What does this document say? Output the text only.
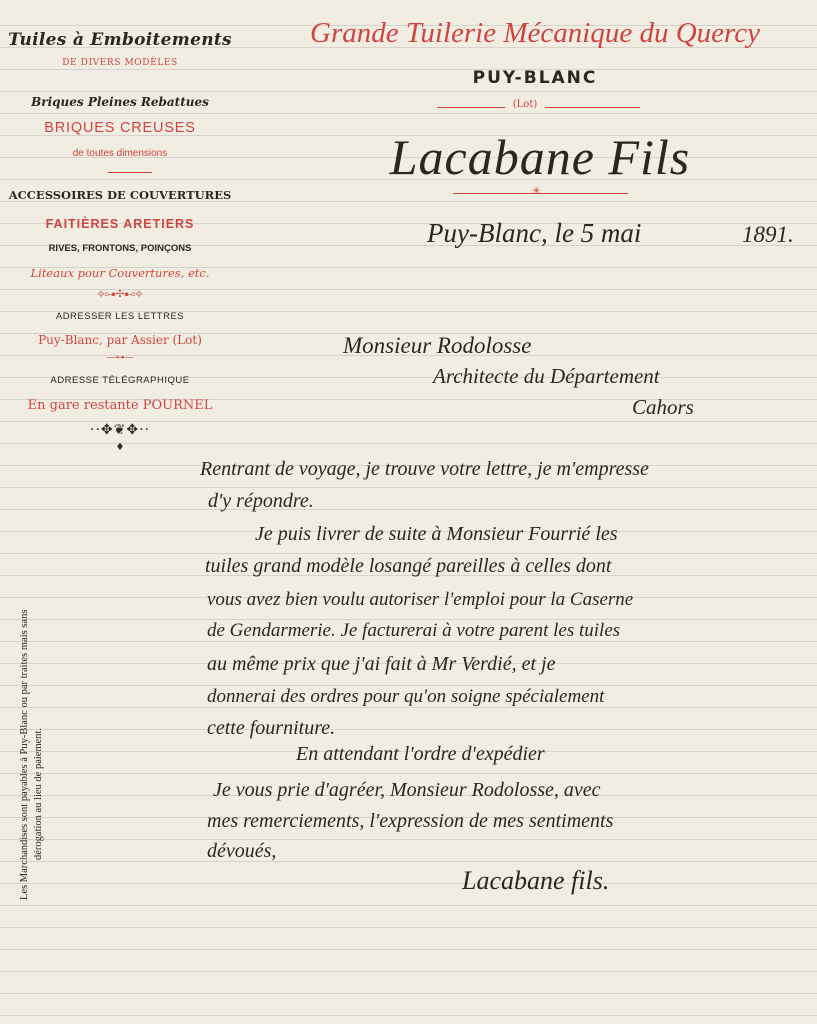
Tuiles à Emboitements
DE DIVERS MODÈLES
Briques Pleines Rebattues
BRIQUES CREUSES
de toutes dimensions
ACCESSOIRES DE COUVERTURES
FAITIÈRES ARETIERS
RIVES, FRONTONS, POINÇONS
Liteaux pour Couvertures, etc.
⟡⊶✣⊷⟡
ADRESSER LES LETTRES
Puy-Blanc, par Assier (Lot)
—⊶—
ADRESSE TÉLÉGRAPHIQUE
En gare restante POURNEL
··✥❦✥··
♦
Les Marchandises sont payables à Puy-Blanc ou par traites mais sans dérogation au lieu de paiement.
Grande Tuilerie Mécanique du Quercy
PUY-BLANC
(Lot)
Lacabane Fils
✳
Puy-Blanc, le 5 mai	1891.
Monsieur Rodolosse
Architecte du Département
Cahors
Rentrant de voyage, je trouve votre lettre, je m'empresse
d'y répondre.
Je puis livrer de suite à Monsieur Fourrié les
tuiles grand modèle losangé pareilles à celles dont
vous avez bien voulu autoriser l'emploi pour la Caserne
de Gendarmerie. Je facturerai à votre parent les tuiles
au même prix que j'ai fait à Mr Verdié, et je
donnerai des ordres pour qu'on soigne spécialement
cette fourniture.
En attendant l'ordre d'expédier
Je vous prie d'agréer, Monsieur Rodolosse, avec
mes remerciements, l'expression de mes sentiments
dévoués,
Lacabane fils.
